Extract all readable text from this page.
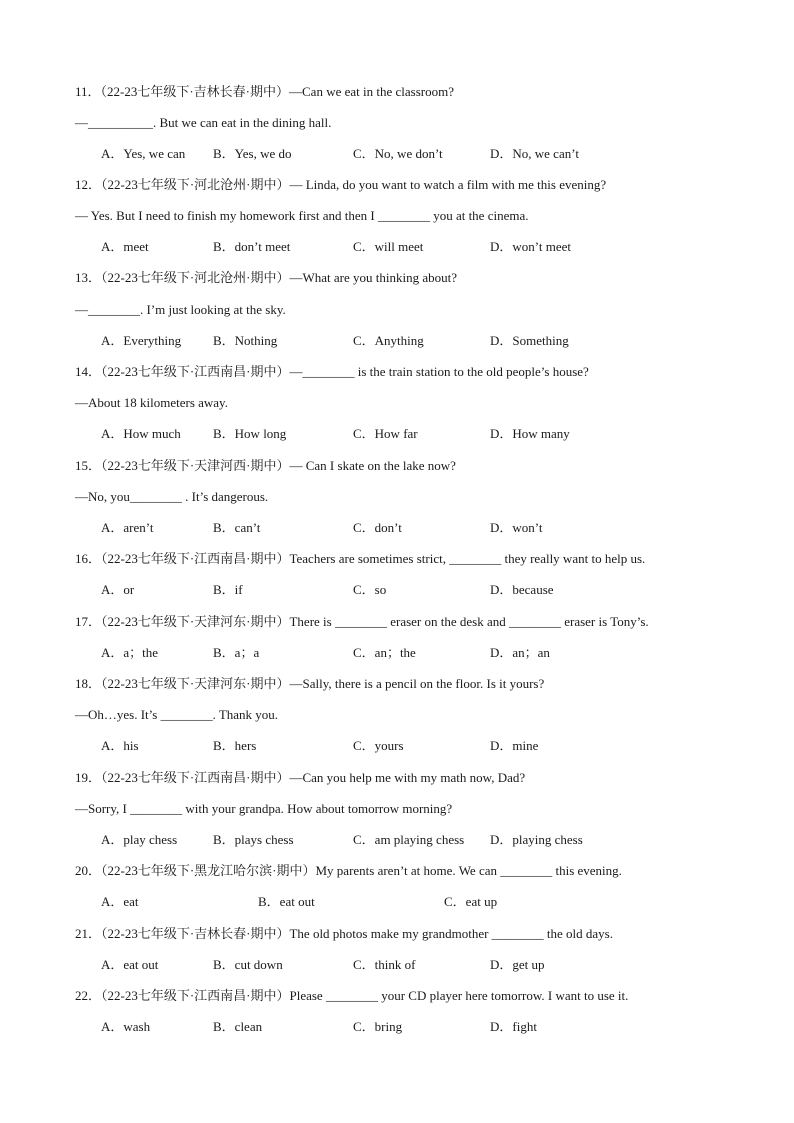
11．（22-23七年级下·吉林长春·期中）—Can we eat in the classroom?
—__________. But we can eat in the dining hall.
A．Yes, we can B．Yes, we do	C．No, we don’t	D．No, we can’t
12．（22-23七年级下·河北沧州·期中）— Linda, do you want to watch a film with me this evening?
— Yes. But I need to finish my homework first and then I ________ you at the cinema.
A．meet	B．don’t meet	C．will meet	D．won’t meet
13．（22-23七年级下·河北沧州·期中）—What are you thinking about?
—________. I’m just looking at the sky.
A．Everything B．Nothing	C．Anything	D．Something
14．（22-23七年级下·江西南昌·期中）—________ is the train station to the old people’s house?
—About 18 kilometers away.
A．How much B．How long	C．How far	D．How many
15．（22-23七年级下·天津河西·期中）— Can I skate on the lake now?
—No, you________ . It’s dangerous.
A．aren’t	B．can’t	C．don’t	D．won’t
16．（22-23七年级下·江西南昌·期中）Teachers are sometimes strict, ________ they really want to help us.
A．or	B．if	C．so	D．because
17．（22-23七年级下·天津河东·期中）There is ________ eraser on the desk and ________ eraser is Tony’s.
A．a；the	B．a；a	C．an；the	D．an；an
18．（22-23七年级下·天津河东·期中）—Sally, there is a pencil on the floor. Is it yours?
—Oh…yes. It’s ________. Thank you.
A．his	B．hers	C．yours	D．mine
19．（22-23七年级下·江西南昌·期中）—Can you help me with my math now, Dad?
—Sorry, I ________ with your grandpa. How about tomorrow morning?
A．play chess	B．plays chess	C．am playing chess D．playing chess
20．（22-23七年级下·黑龙江哈尔滨·期中）My parents aren’t at home. We can ________ this evening.
A．eat	B．eat out	C．eat up
21．（22-23七年级下·吉林长春·期中）The old photos make my grandmother ________ the old days.
A．eat out	B．cut down	C．think of	D．get up
22．（22-23七年级下·江西南昌·期中）Please ________ your CD player here tomorrow. I want to use it.
A．wash	B．clean	C．bring	D．fight
